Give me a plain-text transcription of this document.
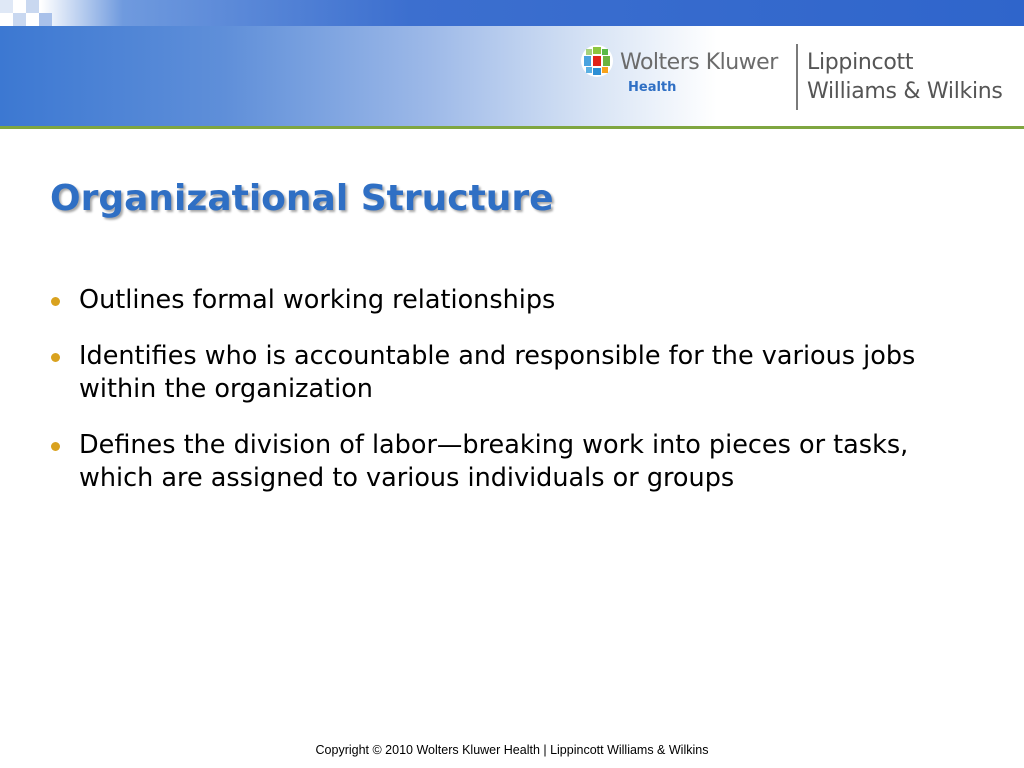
Wolters Kluwer
Health
Lippincott
Williams & Wilkins
Organizational Structure
Outlines formal working relationships
Identifies who is accountable and responsible for the various jobs within the organization
Defines the division of labor—breaking work into pieces or tasks, which are assigned to various individuals or groups
Copyright © 2010 Wolters Kluwer Health | Lippincott Williams & Wilkins
